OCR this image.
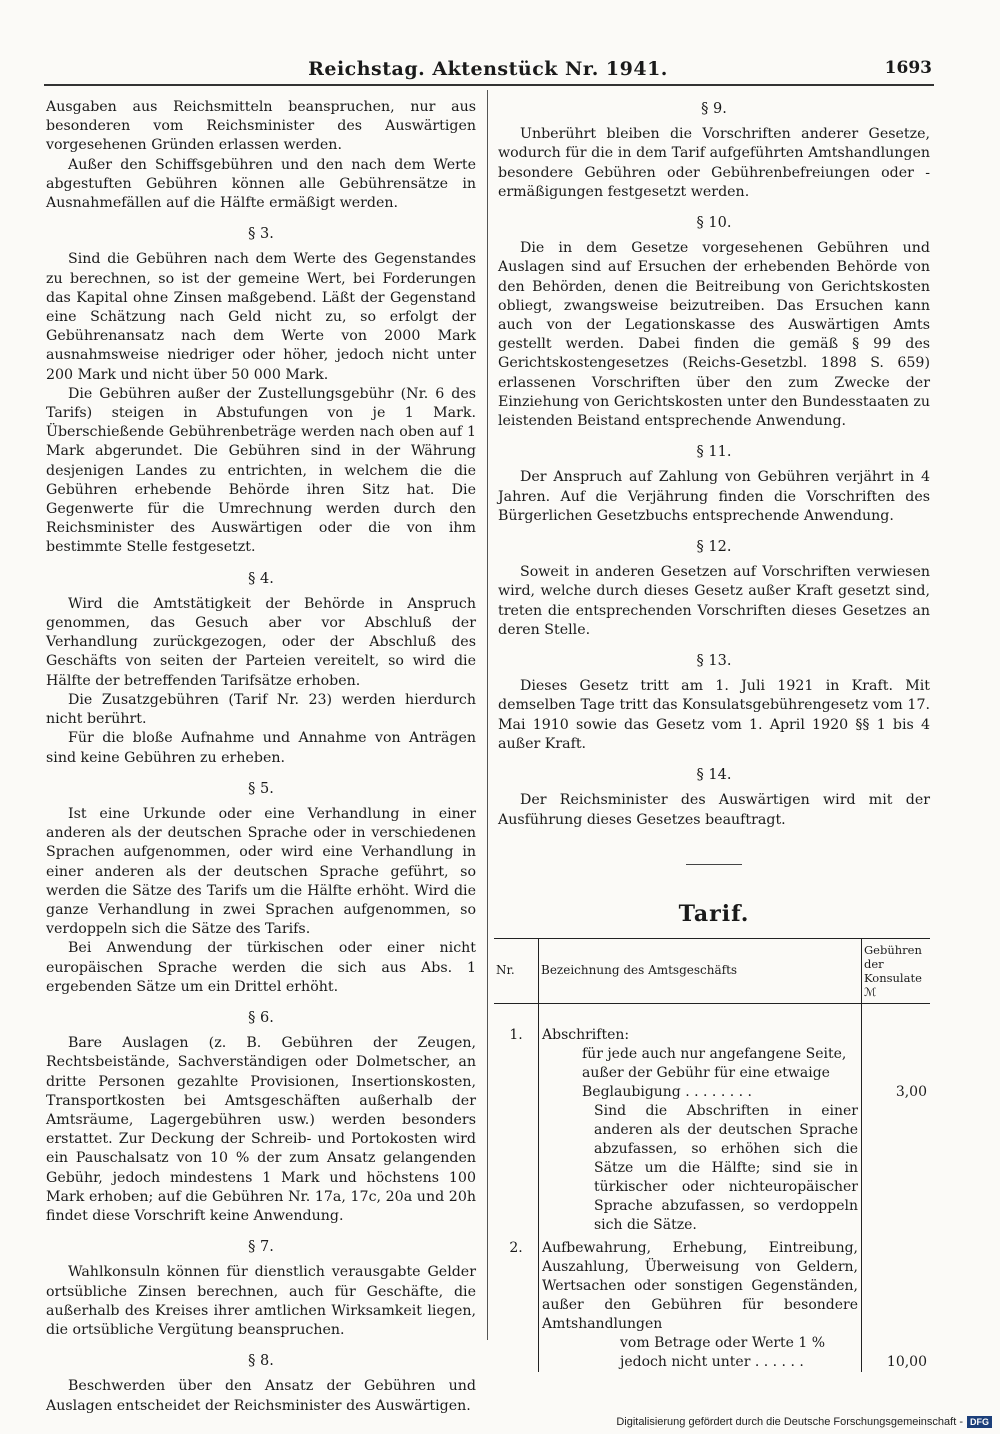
Reichstag. Aktenstück Nr. 1941.	1693

Ausgaben aus Reichsmitteln beanspruchen, nur aus besonderen vom Reichsminister des Auswärtigen vorgesehenen Gründen erlassen werden.

Außer den Schiffsgebühren und den nach dem Werte abgestuften Gebühren können alle Gebührensätze in Ausnahmefällen auf die Hälfte ermäßigt werden.

§ 3.

Sind die Gebühren nach dem Werte des Gegenstandes zu berechnen, so ist der gemeine Wert, bei Forderungen das Kapital ohne Zinsen maßgebend. Läßt der Gegenstand eine Schätzung nach Geld nicht zu, so erfolgt der Gebührenansatz nach dem Werte von 2000 Mark ausnahmsweise niedriger oder höher, jedoch nicht unter 200 Mark und nicht über 50 000 Mark.

Die Gebühren außer der Zustellungsgebühr (Nr. 6 des Tarifs) steigen in Abstufungen von je 1 Mark. Überschießende Gebührenbeträge werden nach oben auf 1 Mark abgerundet. Die Gebühren sind in der Währung desjenigen Landes zu entrichten, in welchem die die Gebühren erhebende Behörde ihren Sitz hat. Die Gegenwerte für die Umrechnung werden durch den Reichsminister des Auswärtigen oder die von ihm bestimmte Stelle festgesetzt.

§ 4.

Wird die Amtstätigkeit der Behörde in Anspruch genommen, das Gesuch aber vor Abschluß der Verhandlung zurückgezogen, oder der Abschluß des Geschäfts von seiten der Parteien vereitelt, so wird die Hälfte der betreffenden Tarifsätze erhoben.

Die Zusatzgebühren (Tarif Nr. 23) werden hierdurch nicht berührt.

Für die bloße Aufnahme und Annahme von Anträgen sind keine Gebühren zu erheben.

§ 5.

Ist eine Urkunde oder eine Verhandlung in einer anderen als der deutschen Sprache oder in verschiedenen Sprachen aufgenommen, oder wird eine Verhandlung in einer anderen als der deutschen Sprache geführt, so werden die Sätze des Tarifs um die Hälfte erhöht. Wird die ganze Verhandlung in zwei Sprachen aufgenommen, so verdoppeln sich die Sätze des Tarifs.

Bei Anwendung der türkischen oder einer nicht europäischen Sprache werden die sich aus Abs. 1 ergebenden Sätze um ein Drittel erhöht.

§ 6.

Bare Auslagen (z. B. Gebühren der Zeugen, Rechtsbeistände, Sachverständigen oder Dolmetscher, an dritte Personen gezahlte Provisionen, Insertionskosten, Transportkosten bei Amtsgeschäften außerhalb der Amtsräume, Lagergebühren usw.) werden besonders erstattet. Zur Deckung der Schreib- und Portokosten wird ein Pauschalsatz von 10 % der zum Ansatz gelangenden Gebühr, jedoch mindestens 1 Mark und höchstens 100 Mark erhoben; auf die Gebühren Nr. 17a, 17c, 20a und 20h findet diese Vorschrift keine Anwendung.

§ 7.

Wahlkonsuln können für dienstlich verausgabte Gelder ortsübliche Zinsen berechnen, auch für Geschäfte, die außerhalb des Kreises ihrer amtlichen Wirksamkeit liegen, die ortsübliche Vergütung beanspruchen.

§ 8.

Beschwerden über den Ansatz der Gebühren und Auslagen entscheidet der Reichsminister des Auswärtigen.

§ 9.

Unberührt bleiben die Vorschriften anderer Gesetze, wodurch für die in dem Tarif aufgeführten Amtshandlungen besondere Gebühren oder Gebührenbefreiungen oder -ermäßigungen festgesetzt werden.

§ 10.

Die in dem Gesetze vorgesehenen Gebühren und Auslagen sind auf Ersuchen der erhebenden Behörde von den Behörden, denen die Beitreibung von Gerichtskosten obliegt, zwangsweise beizutreiben. Das Ersuchen kann auch von der Legationskasse des Auswärtigen Amts gestellt werden. Dabei finden die gemäß § 99 des Gerichtskostengesetzes (Reichs-Gesetzbl. 1898 S. 659) erlassenen Vorschriften über den zum Zwecke der Einziehung von Gerichtskosten unter den Bundesstaaten zu leistenden Beistand entsprechende Anwendung.

§ 11.

Der Anspruch auf Zahlung von Gebühren verjährt in 4 Jahren. Auf die Verjährung finden die Vorschriften des Bürgerlichen Gesetzbuchs entsprechende Anwendung.

§ 12.

Soweit in anderen Gesetzen auf Vorschriften verwiesen wird, welche durch dieses Gesetz außer Kraft gesetzt sind, treten die entsprechenden Vorschriften dieses Gesetzes an deren Stelle.

§ 13.

Dieses Gesetz tritt am 1. Juli 1921 in Kraft. Mit demselben Tage tritt das Konsulatsgebührengesetz vom 17. Mai 1910 sowie das Gesetz vom 1. April 1920 §§ 1 bis 4 außer Kraft.

§ 14.

Der Reichsminister des Auswärtigen wird mit der Ausführung dieses Gesetzes beauftragt.

Tarif.
Nr.	Bezeichnung des Amtsgeschäfts	Gebühren
der
Konsulate
ℳ

1.	Abschriften:
für jede auch nur angefangene Seite,
außer der Gebühr für eine etwaige
Beglaubigung . . . . . . . .
Sind die Abschriften in einer anderen als der deutschen Sprache abzufassen, so erhöhen sich die Sätze um die Hälfte; sind sie in türkischer oder nichteuropäischer Sprache abzufassen, so verdoppeln sich die Sätze.	3,00

2.	Aufbewahrung, Erhebung, Eintreibung, Auszahlung, Überweisung von Geldern, Wertsachen oder sonstigen Gegenständen, außer den Gebühren für besondere Amtshandlungen
vom Betrage oder Werte 1 %
jedoch nicht unter . . . . . .	10,00
Digitalisierung gefördert durch die Deutsche Forschungsgemeinschaft - DFG
